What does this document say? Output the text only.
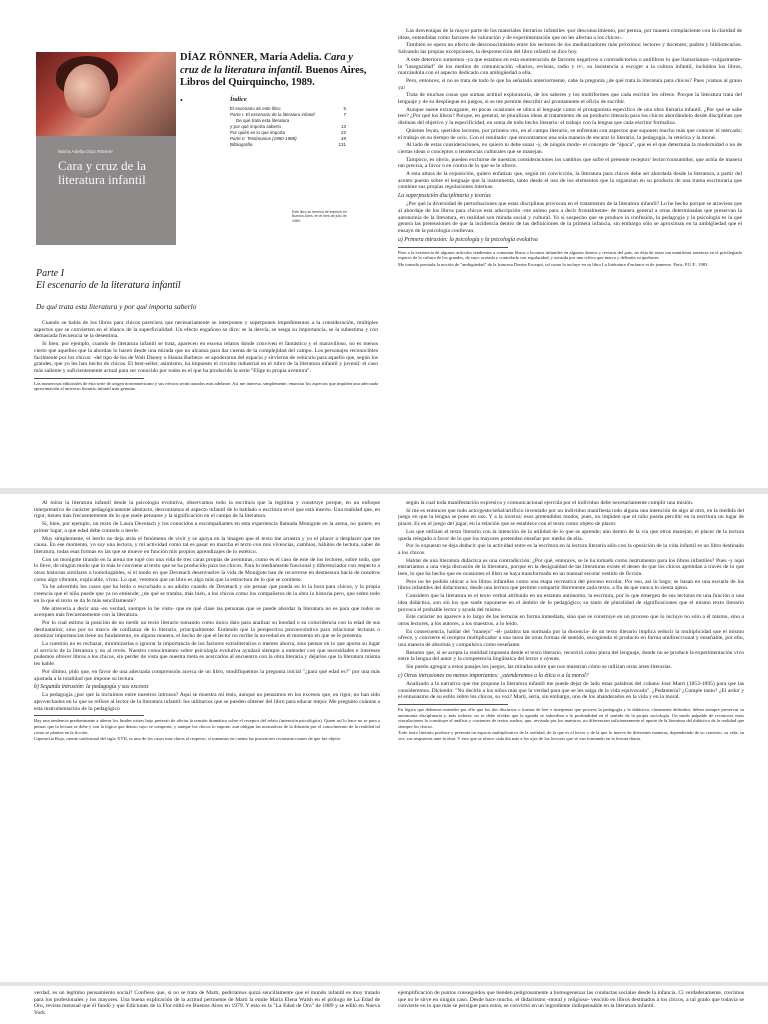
María Adelia Díaz Rönner
Cara y cruz de la literatura infantil
Índice
El escenario de este libro	5
Parte I. El escenario de la literatura infantil	7
De qué trata esta literatura
y por qué importa saberlo	13
Por quién es lo que importa	22
Parte II. Testimonios (1980-1988)	49
Bibliografía	131
Este libro se terminó de imprimir en Buenos Aires, en el mes de julio de 1989.
DÍAZ RÖNNER, María Adelia. Cara y cruz de la literatura infantil. Buenos Aires, Libros del Quirquincho, 1989.
•
Parte I
El escenario de la literatura infantil
De qué trata esta literatura y por qué importa saberlo

Cuando se habla de los libros para chicos pareciera que necesariamente se interponen y superponen impedimentos a la consideración, múltiples aspectos que se convierten en el blanco de la superficialidad. Un efecto engañoso se dice: se la desvía, se sesga su importancia, se la subestima y con demasiada frecuencia se la desestima.

Si bien, por ejemplo, cuando de literatura infantil se trata, aparecen en escena relatos donde conviven el fantástico y el maravilloso, no es menos cierto que aquellos que la abordan lo hacen desde una mirada que no alcanza para dar cuenta de la complejidad del campo. Los personajes reconocibles facilmente por los chicos: -del tipo de los de Walt Disney o Hanna Barbera- se apoderaron del espacio y sirvieron de vehículo para aquello que, según los grandes, que yo les han hecho de chicos. El best-seller, asimismo, ha impuesto el circuito industrial en el rubro de la literatura infantil y juvenil: el caso más saliente y suficientemente actual para ser conocido por todos es el que ha producido la serie "Elige tu propia aventura".

Las numerosas editoriales de esta serie de origen norteamericano y sus efectos serán tratados más adelante. Así me interesa, simplemente, enunciar los aspectos que impiden una adecuada aproximación al universo literario infantil más genuino.

Las desventajas de la mayor parte de los materiales literarios infantiles -por desconocimiento, por pereza, por manera complaciente con la claridad de ideas, entendidas como factores de valoración y de experimentación que no les afectan a los chicos-.

También se opera un efecto de desconocimiento entre los sectores de los mediatizadores más próximos: lectores y docentes; padres y bibliotecarios. Salvando las propias excepciones, la desprotección del libro infantil se dice hoy.

A este deterioro sumemos -ya que estamos en esta enumeración de factores negativos o contradictorios o antilibros lo que llamaríamos -vulgarmente- la "inseguridad" de los medios de comunicación -diarios, revistas, radio y tv-, su insistencia a escoger a la cultura infantil, incluidos los libros, marcándola con el aspecto dedicado con ambigüedad a ella.

Pero, entonces, si no se trata de todo lo que ha señalado anteriormente, cabe la pregunta ¿de qué trata la literatura para chicos? Pues ¡vamos al grano ya!

Trata de muchas cosas que suman actitud exploratoria, de los saberes y los multiformes que cada escritor les ofrece. Porque la literatura trata del lenguaje y de su despliegue en juegos, si se me permite describir así prontamente el oficio de escribir.

Aunque suene extravagante, en pocas ocasiones se ubica al lenguaje como el protagonista específico de una obra literaria infantil. ¿Por qué se sabe leer? ¿Por qué los libros? Porque, en general, se pluralizan ideas al tratamiento de un producto literario para los chicos abordándolo desde disciplinas que distinan del objetivo y la especificidad, en suma de todo hecho literario: el trabajo con la lengua que cada escritor formaliza.

Quienes leyan, queridos lectores, por primera vez, en el campo literario, se enfrentan con aspectos que suponen mucho más que conocer el mercado; el trabajo en su tiempo de ocio. Con el resultado: que encontramos una sola manera de encarar lo literario, la pedagogía, la retórica y la moral.

Al lado de estas consideraciones, no quiero ni debe sonar -y, de ningún modo- el concepto de "época", que es el que determina la modernidad o no de ciertas ideas o conceptos o tendencias culturales que se manejan.

Tampoco, es obvio, pueden excluirse de nuestras consideraciones los cambios que sufre el presente receptor/ lector/consumidor, que actúa de manera tan precisa, a favor o en contra de lo que se le ofrece.

A esta altura de la exposición, quiero enfatizar que, según mi convicción, la literatura para chicos debe ser abordada desde la literatura, a partir del acento puesto sobre el lenguaje que la instrumenta, tanto desde el uso de los elementos que la organizan en su producto de una trama escrituraria que contiene sus propias regulaciones internas.

La superposición disciplinaria y teorías

¿Por qué la diversidad de perturbaciones que estas disciplinas provocan en el tratamiento de la literatura infantil? Lo he hecho porque se atraviesa que al abordaje de los libros para chicos esta adscripción -me animo para a decir frontalmente- de manera general a otras determinadas que preservan la autonomía de la literatura, en realidad son mirada social y cultural. Yo sí sospecho que se produce la confusión, la pedagogía y la psicología es la que genera las pretensiones de que la incidencia dentro de las definiciones de la primera infancia, sin embargo sólo se aproximan en la ambigüedad que el ensayo de la psicología conllevan.

a) Primera intrusión: la psicología y la psicología evolutiva

Pese a la existencia de algunos artículos tendientes a comentar libros o lecturas infantiles en algunos diarios y revistas del país, no deja de notar tan manifiesta ausencia en el privilegiado espacio de la cultura de los grandes, de suyo acotada y controlada con regularidad, y asistida por una crítica que marca y delimita su quehacer.

Me tomado prestada la noción de "ambigüedad" de la francesa Denise Escarpit, tal como la incluye en su libro La littérature d'enfance et de jeunesse. Paris, P.U.F., 1983.

Al mirar la literatura infantil desde la psicología evolutiva, observamos todo la escritura que la legitima y construye porque, en un enfoque interpretativo de carácter pedagógicamente abstracto, descontamos el aspecto infantil de lo hablado o escritura en el que está inserto. Una realidad que, en rigor, tienen más frecuentemente de lo que suele pensarse y la significación en el campo de la literatura.

Sí, bien, por ejemplo, un texto de Laura Devetach y los conocidos a escompañantes en esta experiencia llamada Monigote en la arena, no quiere, en primer lugar, a que edad debe contarle o leerle.

Muy simplemente, el leerlo no deja atrás el fenómeno de vivir y se apoya en la imagen que el texto me arrastra y yo el placer o desplacer que me causa. En ese momento, yo soy una lectora, y mi actividad como tal es pasar en marcha el texto con mis vivencias, cambios, hábitos de lectura, saber de literatura, todas esas formas en las que se mueve en función mis propios aprendizajes de lo estético.

Con un monigote tirando en la arena me topé con una vida de tres caras propias de aventuras, como es el caso de este de los lectores, sobre todo, que lo lleve, de ningún modo que lo más le conviene al texto que se ha producido para los chicos. Para lo mediamente funcional y diferenciador con respecto a otras historias similares o homologables, si el modo en que Devetach desenvuelve la vida de Monigote han de recorrerse en desmesura hacia de nosotros como algo vibrante, explicable, vivaz. Lo que, veremos que un libro es algo más que la estructura de lo que se contiene.

Ya he advertido los casos que ha leído o escuchado a un adulto cuando de Devetach y sin pensar que pueda en lo la hora para chicos, y la propia creencia que el niño puede que ya no entiende; ¿de qué se trataba, más bien, a los chicos como los compañeros de la obra la historia pero, que sobre todo en la que el texto se da fe más sencillamente?

Me atrevería a decir una -en verdad, siempre lo he visto- que en qué clase las personas que se puede abordar la literatura no es para que todos se acerquen más frecuentemente con la literatura.

Por lo cual estimo la posición de no medir un texto literario tomando como único dato para analizar su bondad o su coincidencia con la edad de sus destinatarios; sino por su marco de confianza de lo literario, principalmente. Entiendo que la perspectiva psicoevolutiva para relacionar lecturas o atomizar importancias tiene un fundamento, en alguna manera, el hecho de que el lector no recibe la novedad en el momento en que se le presenta.

La cuestión no es rechazar, minimizarlas o ignorar la importancia de los factores extraliterarios o mentes ahorra, sino pensar en lo que aporta su lugar al servicio de la literatura y no al revés. Nuestro conocimiento sobre psicología evolutiva ayudará siempre a entender con que necesidades e intereses podemos ofrecer libros a los chicos, sin perder de vista que nuestra meta es acercarlos al encuentro con la obra literaria y dejarlos que la literatura misma les hable.

Por último, pido que, en favor de una adecuada comprensión acerca de un libro, modifiquemos la pregunta inicial "¿para qué edad es?" por una más ajustada a la totalidad que impone su lectura.

b) Segunda intrusión: la pedagogía y sus excesos

La pedagogía ¿por qué la incluimos entre nuestros intrusos? Aquí se muestra mi tesis, aunque no pensamos en los excesos que, en rigor, no han sido aprovechados en lo que se refiere al lector de la literatura infantil: los utilitarios que se pueden obtener del libro para educar mejor. Me pregunto cuántas a esta instrumentación de lo pedagógico

Hay una tendencia predominante a alterar los finales tristes bajo pretexto de aliviar la tensión dramática sobre el receptor del relato (intención psicológica). Quien así lo hace no se para a pensar que la lectura se debe y con la lógica que dentro suyo se comporta, y aunque los chicos lo supone, aun obligan las normativas de la difusión por el conocimiento de la realidad tal como se plantea en la ficción.

Caperucita Roja, cuento tradicional del siglo XVII, es uno de los casos más claros al respecto, si tomamos en cuenta las posteriores reconstrucciones de que fue objeto.

según la cual toda manifestación expresiva y comunicacional ejercida por el individuo debe necesariamente cumplir una misión.

Sí me es entonces que todo acto/gesto/señal/artificio inventado por un individuo manifiesta todo alguna una intención de algo al otro, en la medida del juego en que la lengua se pone en uso. Y a la inversa: esos pretendidos modos, pues, no impiden que el niño pueda percibir en la escritura un lugar de placer. Es en el juego del jugar, en la relación que se establece con el texto como objeto de placer.

Los que utilizan el texto literario con la intención de la utilidad de lo que se aprende; aún dentro de la vía que otros manejan, el placer de la lectura queda relegado a favor de lo que los mayores pretenden enseñar por medio de ella.

Por lo expuesto se deja deducir que la actividad entre es la escritura en la lectura literaria sólo con la oposición de la vida infantil es un libro destinado a los chicos.

Hablar de una literatura didáctica es una contradicción: ¿Por qué, entonces, se le ha tomado como instrumento para los libros infantiles? Pues -y aquí entraríamos a una vieja discusión de la literatura, porque en la desigualdad de las literaturas existe el deseo de que los chicos aprendan a través de lo que leen, lo que ha hecho que en ocasiones el libro se haya transformado en un manual escolar vestido de ficción.

Pero no he podido ubicar a los libros infantiles como una etapa recreativa del proceso escolar. Por eso, así lo hago; se basan en una escuela de los libros infantiles del didactismo, desde una lectura que permite compartir libremente cada texto, a fin de que nunca lo sienta ajeno.

Considero que la literatura es el texto verbal atribuido en un estatuto autónomo, la escritura, por lo que emergen de sus lecturas en una función o una idea didáctica, son sin los que suele suponerse en el ámbito de lo pedagógico; su tanto de pluralidad de significaciones que el mismo texto literario provoca el probable lector y ayuda del mismo.

Este carácter no aparece a lo largo de las lecturas en forma inmediata, sino que se construye en un proceso que lo incluye no sólo a él mismo, sino a otros lectores, a los autores, a los maestros, a lo leído.

En consecuencia, hablar del "manejo" -el- palabra tan normada por la docencia- de un texto literario implica reducir la multiplicidad que el mismo ofrece, y convierte el receptor multiplicador a una tarea de otras formas de sentido, escogiendo el producto en forma unidireccional y enseñable, por ello, una manera de absoluta y compulsiva como enseñante.

Resumo que, si se acepta la realidad impuesta desde el texto literario, recurrirá como pieza del lenguaje, donde no se produce la experimentación vivo entre la lengua del autor y la competencia lingüística del lector o oyente.

Sin puedo agregar a estos pasajes los juegos, las miradas sobre que nos muestran cómo se utilizan otras artes-literarias.

c) Otras intrusiones no menos importantes: ¿atenderemos a la ética o a la moral?

Analizado a la narrativa que me propone la literatura infantil me puede dejar de lado estas palabras del cubano José Martí (1853-1895) para que las consideremos. Diciendo: "No decirle a los niños más que la verdad para que se les salga de la vida equivocada". ¿Pedantería? ¿Cumple tanto? ¿El ardor y el entusiasmo de su estilo sobre los chicos, su voz? Martí, sería, sin embargo, uno de los abanderados en la vida y en la moral.

En lógica que debemos entender por ello que los dos discursos o formas de leer e interpretar que proceso la pedagogía y la didáctica, claramente definidos, deben siempre preservar su autonomía disciplinaria y, más todavía, no se debe olvidar que la agenda se subordina a la profundidad en el sentido de la propia sociología. Un modo palpable de reconocer estas vinculaciones lo constituye el análisis y corrientes de textos sueltos, que, revisado por los maestros, no diferencian suficientemente el aporte de la literatura del didáctico de la realidad que siempre los chicos.

Todo texto literario produce y presenta un espacio multiplicativo de la realidad, de la que es el lector y de la que lo mueve de diferentes maneras, dependiendo de su contexto, su vida, su vez, sus respuestas ante la obra. Y esto que se ofrece cada día más a los ojos de los lectores que se van formando en la lectura diaria.

verdad, es un legítimo pensamiento social? Confieso que, si no se trata de Martí, pediríamos quizá sencillamente que el mundo infantil es muy tratado para los profesionales y los mayores. Una buena explicación de la actitud pertinente de Martí la emite María Elena Walsh en el prólogo de La Edad de Oro, revista mensual que él fundó y que Ediciones de la Flor editó en Buenos Aires en 1979. Y esto es la "La Edad de Oro" de 1889 y se editó en Nueva York.

ejemplificación de puntos conseguidos que tienden peligrosamente a homogeneizar las conductas sociales desde la infancia. Ci verdaderamente, crecimos que no le sirve en ningún caso. Desde hace mucho, el didactismo -moral y religioso- vencido en libros destinados a los chicos, a tal grado que todavía se convierte en lo que más se persigue para estos, se convirtió en un ingrediente indispensable en la literatura infantil.
